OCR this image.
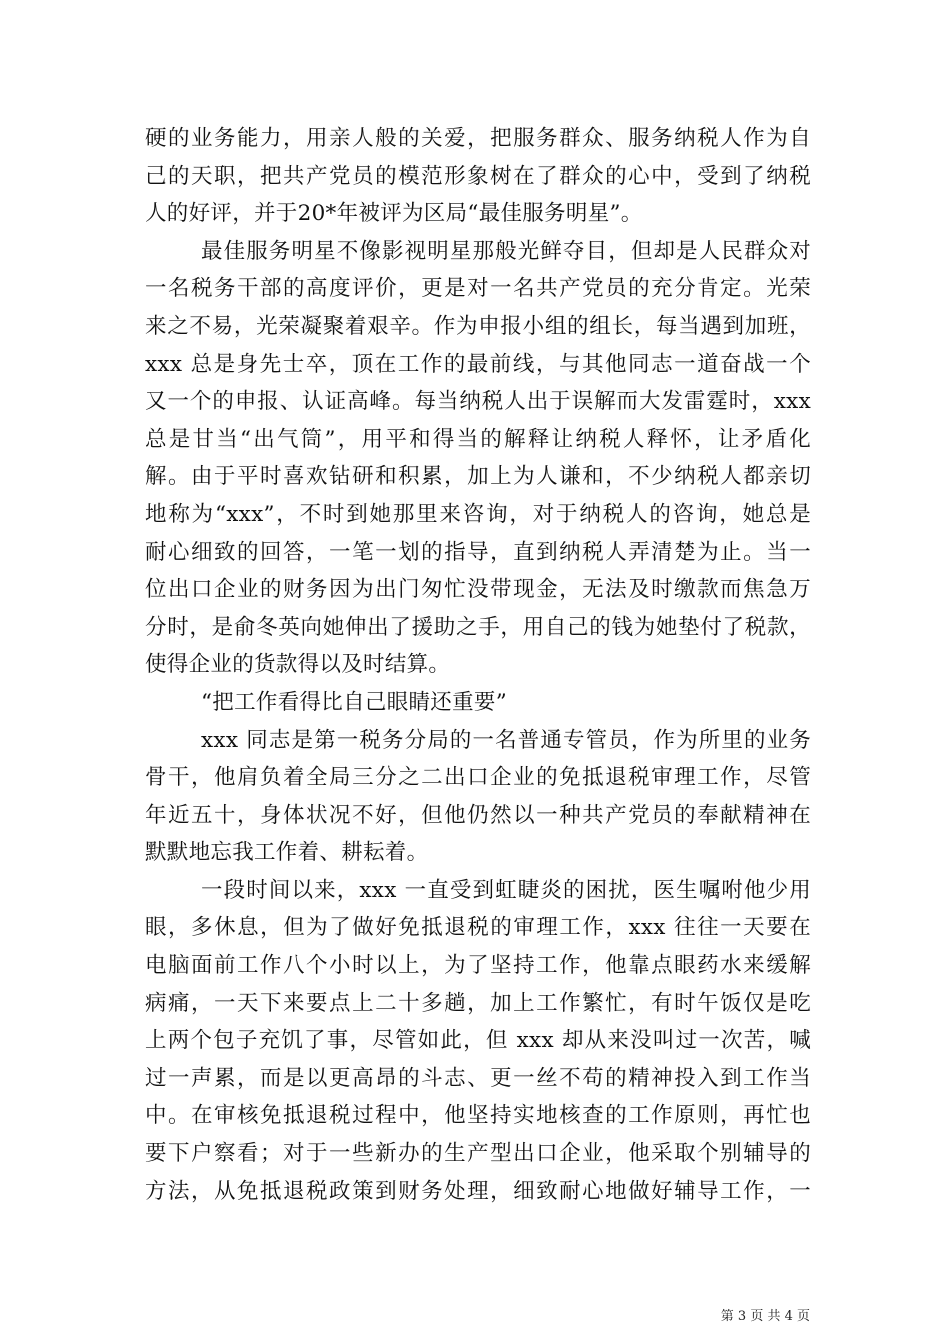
硬的业务能力，用亲人般的关爱，把服务群众、服务纳税人作为自
己的天职，把共产党员的模范形象树在了群众的心中，受到了纳税
人的好评，并于20*年被评为区局“最佳服务明星”。
最佳服务明星不像影视明星那般光鲜夺目，但却是人民群众对
一名税务干部的高度评价，更是对一名共产党员的充分肯定。光荣
来之不易，光荣凝聚着艰辛。作为申报小组的组长，每当遇到加班，
xxx 总是身先士卒，顶在工作的最前线，与其他同志一道奋战一个
又一个的申报、认证高峰。每当纳税人出于误解而大发雷霆时，xxx
总是甘当“出气筒”，用平和得当的解释让纳税人释怀，让矛盾化
解。由于平时喜欢钻研和积累，加上为人谦和，不少纳税人都亲切
地称为“xxx”，不时到她那里来咨询，对于纳税人的咨询，她总是
耐心细致的回答，一笔一划的指导，直到纳税人弄清楚为止。当一
位出口企业的财务因为出门匆忙没带现金，无法及时缴款而焦急万
分时，是俞冬英向她伸出了援助之手，用自己的钱为她垫付了税款，
使得企业的货款得以及时结算。
“把工作看得比自己眼睛还重要”
xxx 同志是第一税务分局的一名普通专管员，作为所里的业务
骨干，他肩负着全局三分之二出口企业的免抵退税审理工作，尽管
年近五十，身体状况不好，但他仍然以一种共产党员的奉献精神在
默默地忘我工作着、耕耘着。
一段时间以来，xxx 一直受到虹睫炎的困扰，医生嘱咐他少用
眼，多休息，但为了做好免抵退税的审理工作，xxx 往往一天要在
电脑面前工作八个小时以上，为了坚持工作，他靠点眼药水来缓解
病痛，一天下来要点上二十多趟，加上工作繁忙，有时午饭仅是吃
上两个包子充饥了事，尽管如此，但 xxx 却从来没叫过一次苦，喊
过一声累，而是以更高昂的斗志、更一丝不苟的精神投入到工作当
中。在审核免抵退税过程中，他坚持实地核查的工作原则，再忙也
要下户察看；对于一些新办的生产型出口企业，他采取个别辅导的
方法，从免抵退税政策到财务处理，细致耐心地做好辅导工作，一
第 3 页 共 4 页
